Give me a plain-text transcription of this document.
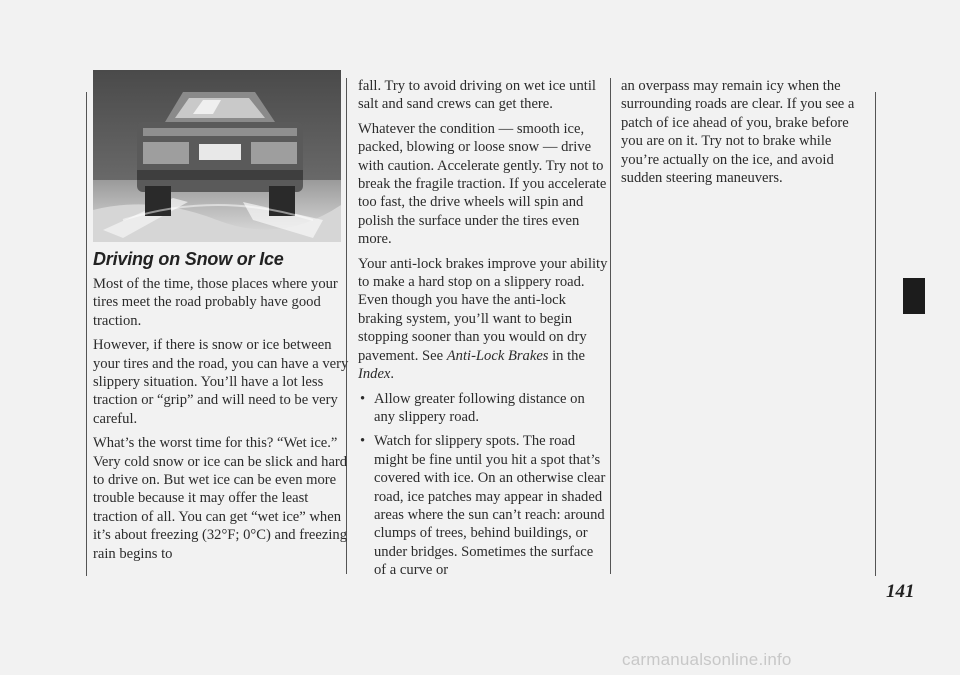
Driving on Snow or Ice

Most of the time, those places where your tires meet the road probably have good traction.

However, if there is snow or ice between your tires and the road, you can have a very slippery situation. You’ll have a lot less traction or “grip” and will need to be very careful.

What’s the worst time for this? “Wet ice.” Very cold snow or ice can be slick and hard to drive on. But wet ice can be even more trouble because it may offer the least traction of all. You can get “wet ice” when it’s about freezing (32°F; 0°C) and freezing rain begins to

fall. Try to avoid driving on wet ice until salt and sand crews can get there.

Whatever the condition — smooth ice, packed, blowing or loose snow — drive with caution. Accelerate gently. Try not to break the fragile traction. If you accelerate too fast, the drive wheels will spin and polish the surface under the tires even more.

Your anti-lock brakes improve your ability to make a hard stop on a slippery road. Even though you have the anti-lock braking system, you’ll want to begin stopping sooner than you would on dry pavement. See Anti-Lock Brakes in the Index.

• Allow greater following distance on any slippery road.
• Watch for slippery spots. The road might be fine until you hit a spot that’s covered with ice. On an otherwise clear road, ice patches may appear in shaded areas where the sun can’t reach: around clumps of trees, behind buildings, or under bridges. Sometimes the surface of a curve or

an overpass may remain icy when the surrounding roads are clear. If you see a patch of ice ahead of you, brake before you are on it. Try not to brake while you’re actually on the ice, and avoid sudden steering maneuvers.

141
carmanualsonline.info
